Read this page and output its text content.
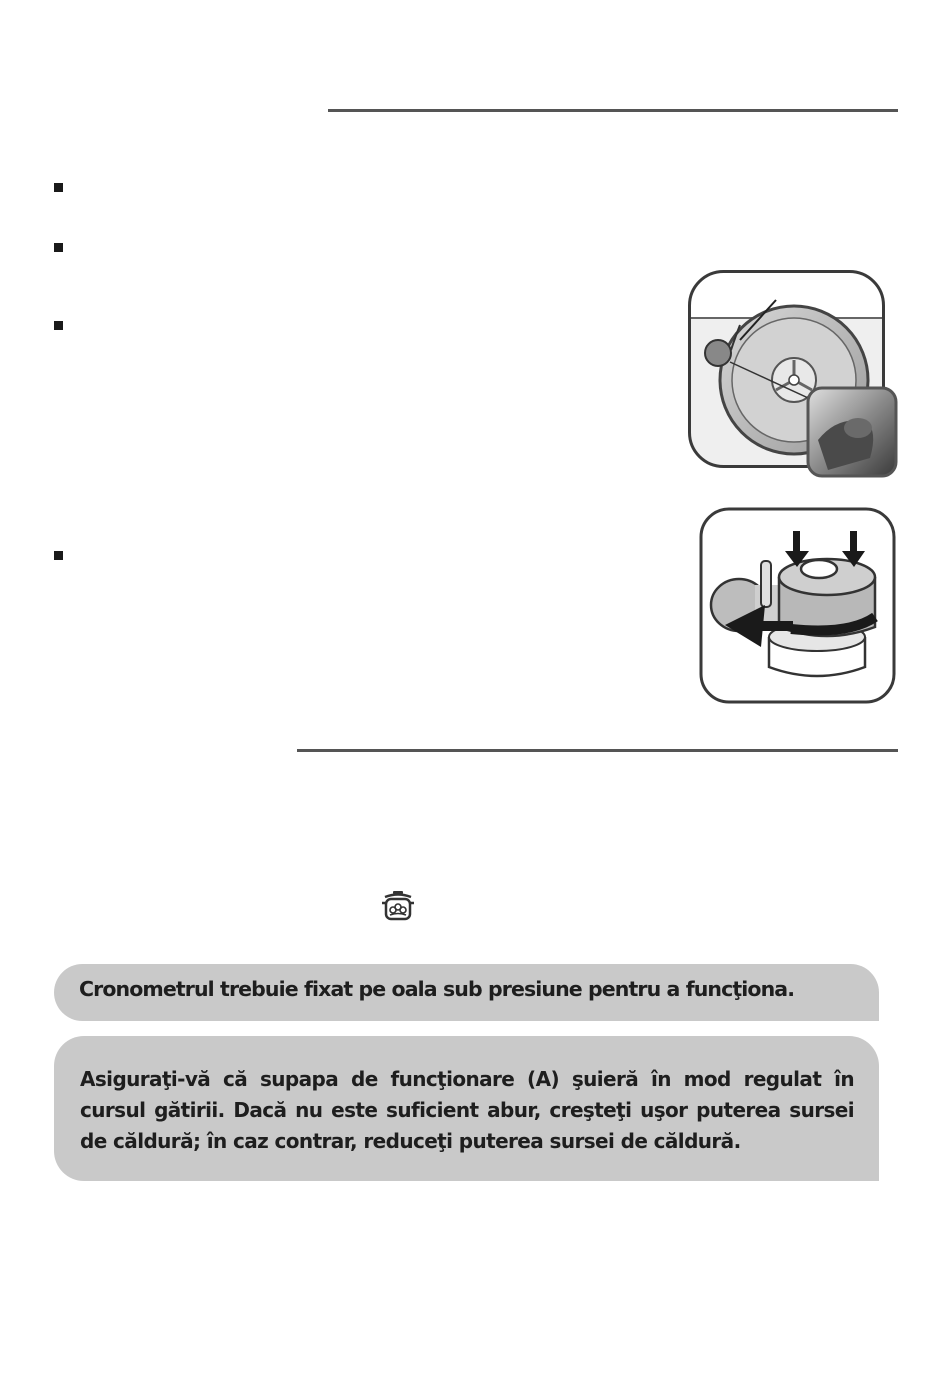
Cronometrul trebuie fixat pe oala sub presiune pentru a funcţiona.
Asiguraţi-vă că supapa de funcţionare (A) şuieră în mod regulat în cursul gătirii. Dacă nu este suficient abur, creşteţi uşor puterea sursei de căldură; în caz contrar, reduceţi puterea sursei de căldură.
